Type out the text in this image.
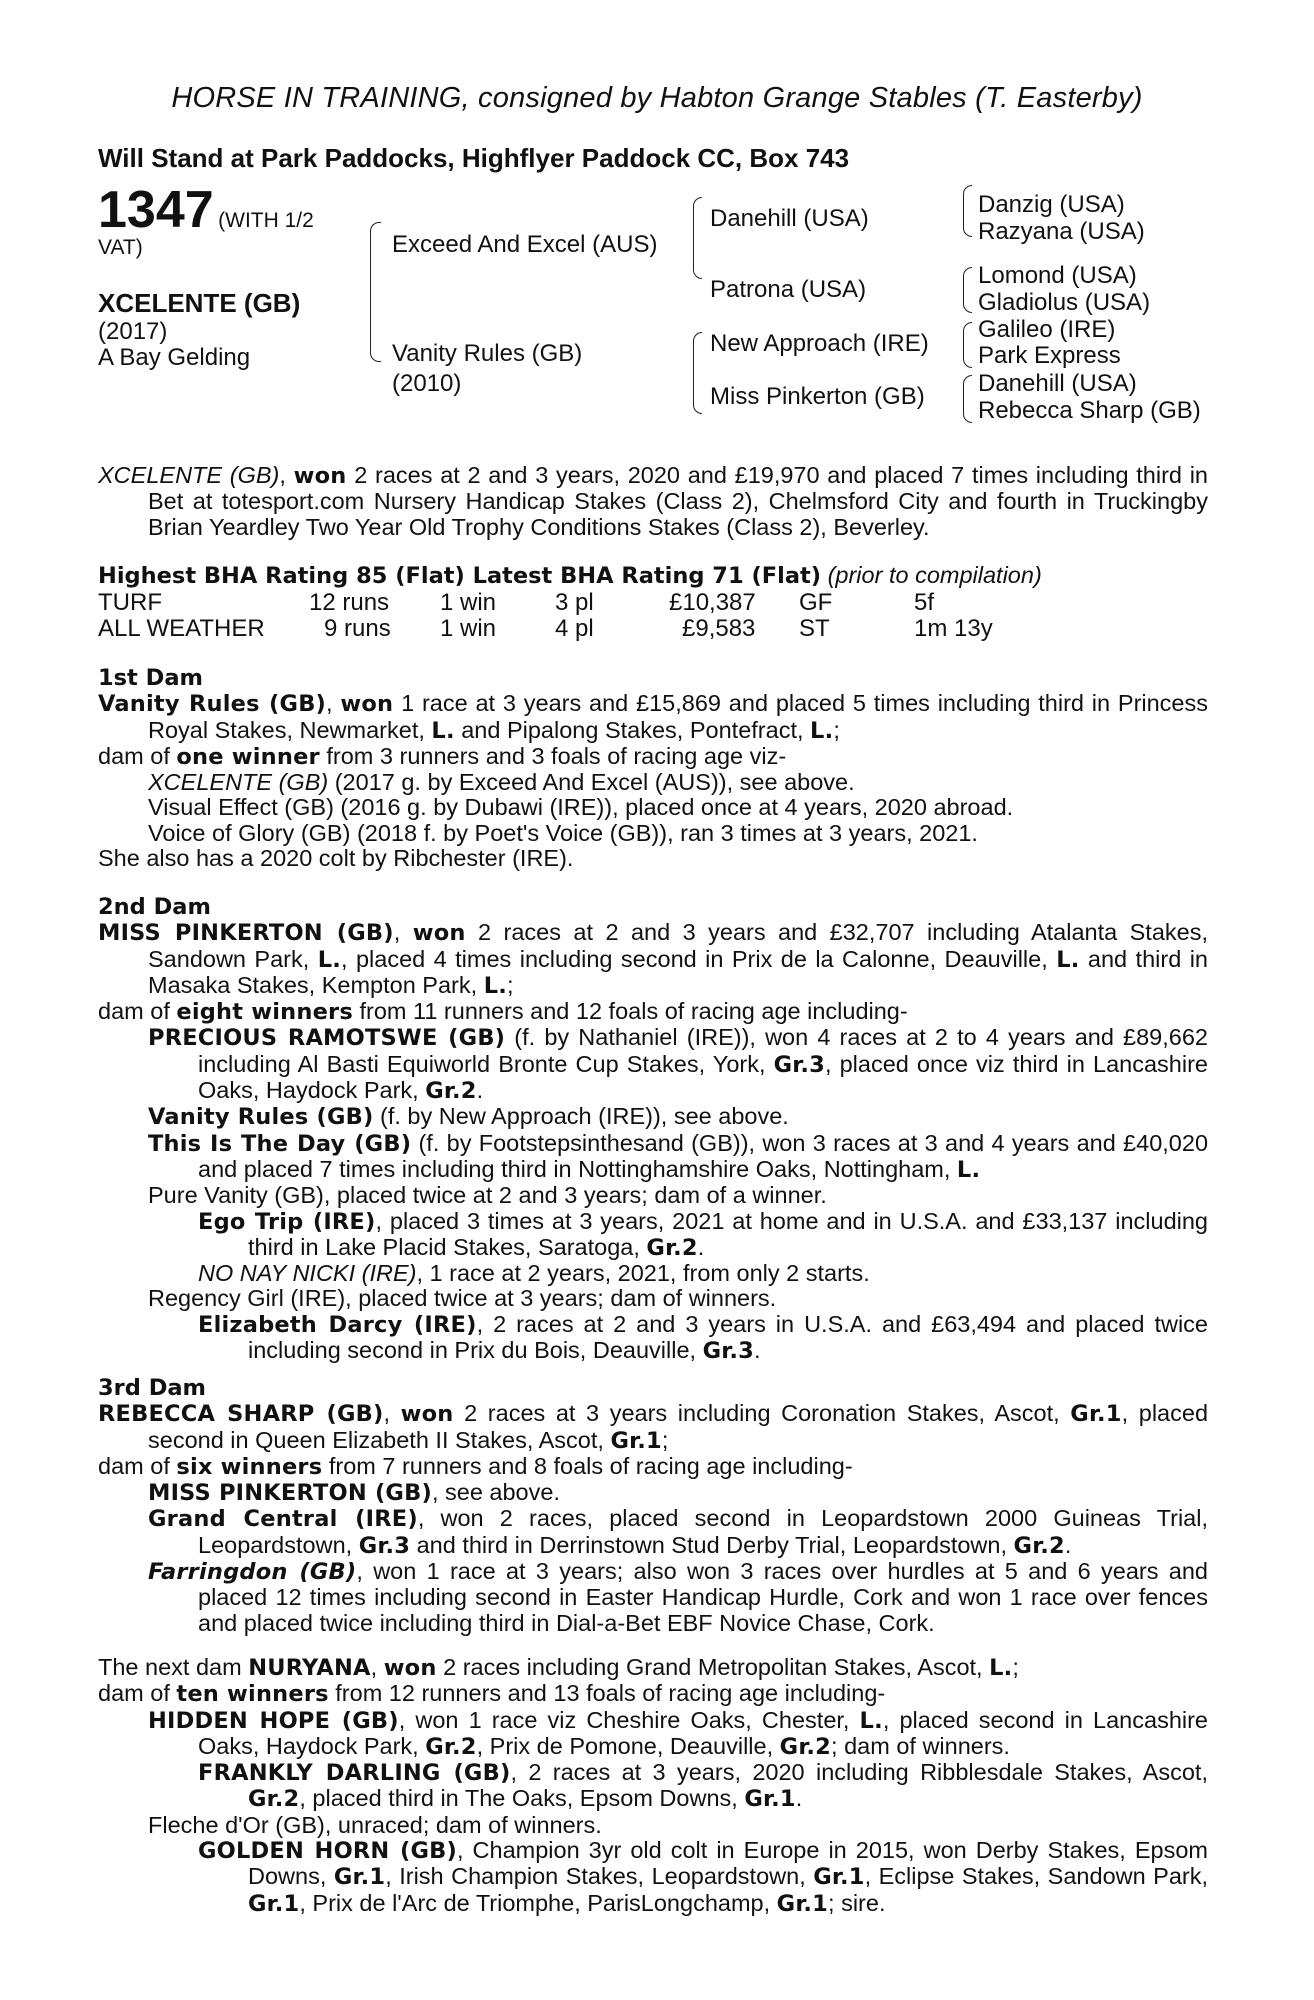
HORSE IN TRAINING, consigned by Habton Grange Stables (T. Easterby)
Will Stand at Park Paddocks, Highflyer Paddock CC, Box 743
1347 (WITH 1/2
VAT)
XCELENTE (GB)
(2017)
A Bay Gelding
Exceed And Excel (AUS)
Vanity Rules (GB)
(2010)
Danehill (USA)
Patrona (USA)
New Approach (IRE)
Miss Pinkerton (GB)
Danzig (USA)
Razyana (USA)
Lomond (USA)
Gladiolus (USA)
Galileo (IRE)
Park Express
Danehill (USA)
Rebecca Sharp (GB)

XCELENTE (GB), won 2 races at 2 and 3 years, 2020 and £19,970 and placed 7 times including third in Bet at totesport.com Nursery Handicap Stakes (Class 2), Chelmsford City and fourth in Truckingby Brian Yeardley Two Year Old Trophy Conditions Stakes (Class 2), Beverley.

Highest BHA Rating 85 (Flat) Latest BHA Rating 71 (Flat) (prior to compilation)
TURF	12 runs 1 win 3 pl	£10,387 GF	5f
ALL WEATHER 9 runs 1 win 4 pl	£9,583 ST	1m 13y
1st Dam

Vanity Rules (GB), won 1 race at 3 years and £15,869 and placed 5 times including third in Princess Royal Stakes, Newmarket, L. and Pipalong Stakes, Pontefract, L.;

dam of one winner from 3 runners and 3 foals of racing age viz-
XCELENTE (GB) (2017 g. by Exceed And Excel (AUS)), see above.
Visual Effect (GB) (2016 g. by Dubawi (IRE)), placed once at 4 years, 2020 abroad.
Voice of Glory (GB) (2018 f. by Poet's Voice (GB)), ran 3 times at 3 years, 2021.
She also has a 2020 colt by Ribchester (IRE).
2nd Dam

MISS PINKERTON (GB), won 2 races at 2 and 3 years and £32,707 including Atalanta Stakes, Sandown Park, L., placed 4 times including second in Prix de la Calonne, Deauville, L. and third in Masaka Stakes, Kempton Park, L.;

dam of eight winners from 11 runners and 12 foals of racing age including-

PRECIOUS RAMOTSWE (GB) (f. by Nathaniel (IRE)), won 4 races at 2 to 4 years and £89,662 including Al Basti Equiworld Bronte Cup Stakes, York, Gr.3, placed once viz third in Lancashire Oaks, Haydock Park, Gr.2.

Vanity Rules (GB) (f. by New Approach (IRE)), see above.

This Is The Day (GB) (f. by Footstepsinthesand (GB)), won 3 races at 3 and 4 years and £40,020 and placed 7 times including third in Nottinghamshire Oaks, Nottingham, L.

Pure Vanity (GB), placed twice at 2 and 3 years; dam of a winner.

Ego Trip (IRE), placed 3 times at 3 years, 2021 at home and in U.S.A. and £33,137 including third in Lake Placid Stakes, Saratoga, Gr.2.

NO NAY NICKI (IRE), 1 race at 2 years, 2021, from only 2 starts.
Regency Girl (IRE), placed twice at 3 years; dam of winners.

Elizabeth Darcy (IRE), 2 races at 2 and 3 years in U.S.A. and £63,494 and placed twice including second in Prix du Bois, Deauville, Gr.3.

3rd Dam

REBECCA SHARP (GB), won 2 races at 3 years including Coronation Stakes, Ascot, Gr.1, placed second in Queen Elizabeth II Stakes, Ascot, Gr.1;

dam of six winners from 7 runners and 8 foals of racing age including-
MISS PINKERTON (GB), see above.

Grand Central (IRE), won 2 races, placed second in Leopardstown 2000 Guineas Trial, Leopardstown, Gr.3 and third in Derrinstown Stud Derby Trial, Leopardstown, Gr.2.

Farringdon (GB), won 1 race at 3 years; also won 3 races over hurdles at 5 and 6 years and placed 12 times including second in Easter Handicap Hurdle, Cork and won 1 race over fences and placed twice including third in Dial-a-Bet EBF Novice Chase, Cork.

The next dam NURYANA, won 2 races including Grand Metropolitan Stakes, Ascot, L.;

dam of ten winners from 12 runners and 13 foals of racing age including-

HIDDEN HOPE (GB), won 1 race viz Cheshire Oaks, Chester, L., placed second in Lancashire Oaks, Haydock Park, Gr.2, Prix de Pomone, Deauville, Gr.2; dam of winners.

FRANKLY DARLING (GB), 2 races at 3 years, 2020 including Ribblesdale Stakes, Ascot, Gr.2, placed third in The Oaks, Epsom Downs, Gr.1.

Fleche d'Or (GB), unraced; dam of winners.

GOLDEN HORN (GB), Champion 3yr old colt in Europe in 2015, won Derby Stakes, Epsom Downs, Gr.1, Irish Champion Stakes, Leopardstown, Gr.1, Eclipse Stakes, Sandown Park, Gr.1, Prix de l'Arc de Triomphe, ParisLongchamp, Gr.1; sire.
